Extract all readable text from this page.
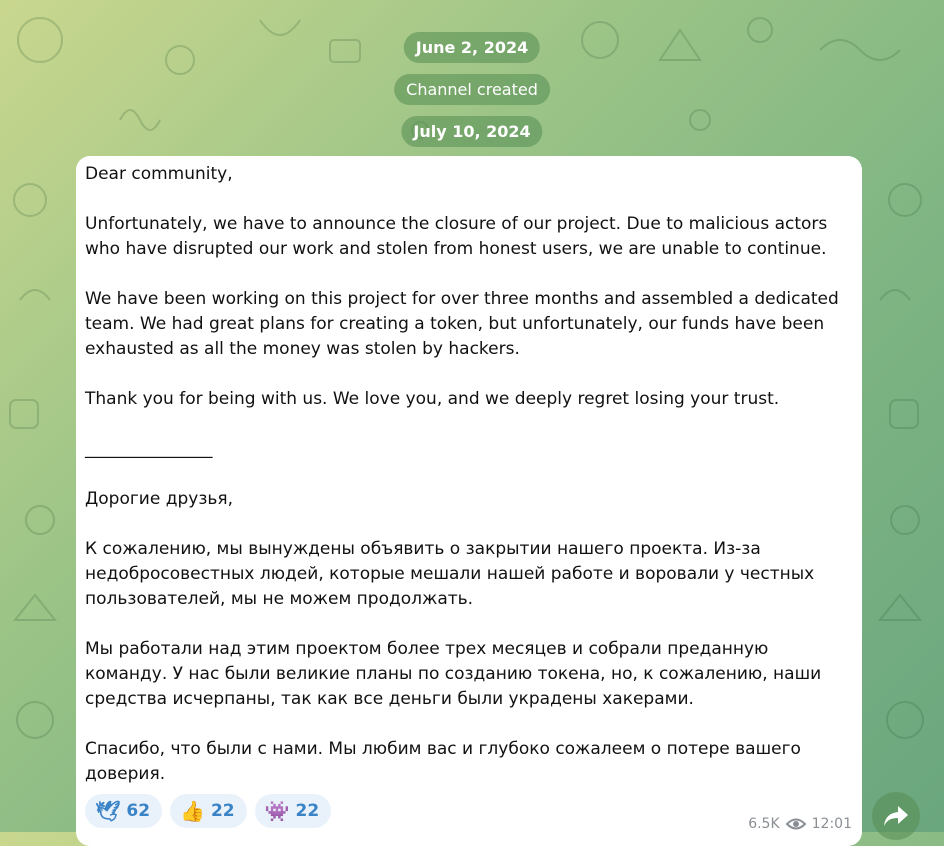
June 2, 2024
Channel created
July 10, 2024

Dear community,

Unfortunately, we have to announce the closure of our project. Due to malicious actors who have disrupted our work and stolen from honest users, we are unable to continue.

We have been working on this project for over three months and assembled a dedicated team. We had great plans for creating a token, but unfortunately, our funds have been exhausted as all the money was stolen by hackers.

Thank you for being with us. We love you, and we deeply regret losing your trust.

_______________

Дорогие друзья,

К сожалению, мы вынуждены объявить о закрытии нашего проекта. Из-за недобросовестных людей, которые мешали нашей работе и воровали у честных пользователей, мы не можем продолжать.

Мы работали над этим проектом более трех месяцев и собрали преданную команду. У нас были великие планы по созданию токена, но, к сожалению, наши средства исчерпаны, так как все деньги были украдены хакерами.

Спасибо, что были с нами. Мы любим вас и глубоко сожалеем о потере вашего доверия.

🕊 62 👍 22 👾 22
6.5K 12:01
